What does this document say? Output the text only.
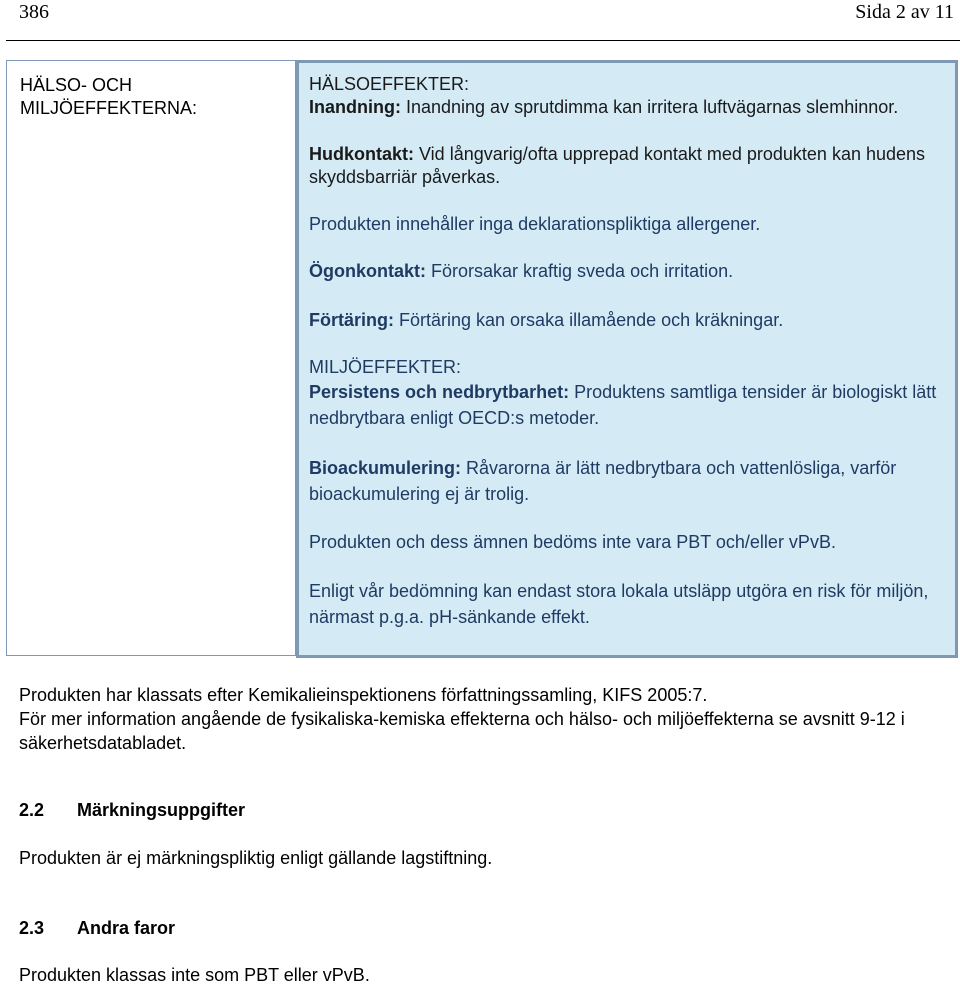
386	Sida 2 av 11
HÄLSO- OCH MILJÖEFFEKTERNA:

HÄLSOEFFEKTER:

Inandning: Inandning av sprutdimma kan irritera luftvägarnas slemhinnor.

Hudkontakt: Vid långvarig/ofta upprepad kontakt med produkten kan hudens skyddsbarriär påverkas.

Produkten innehåller inga deklarationspliktiga allergener.

Ögonkontakt: Förorsakar kraftig sveda och irritation.

Förtäring: Förtäring kan orsaka illamående och kräkningar.

MILJÖEFFEKTER:

Persistens och nedbrytbarhet: Produktens samtliga tensider är biologiskt lätt nedbrytbara enligt OECD:s metoder.

Bioackumulering: Råvarorna är lätt nedbrytbara och vattenlösliga, varför bioackumulering ej är trolig.

Produkten och dess ämnen bedöms inte vara PBT och/eller vPvB.

Enligt vår bedömning kan endast stora lokala utsläpp utgöra en risk för miljön, närmast p.g.a. pH-sänkande effekt.

Produkten har klassats efter Kemikalieinspektionens författningssamling, KIFS 2005:7.

För mer information angående de fysikaliska-kemiska effekterna och hälso- och miljöeffekterna se avsnitt 9-12 i säkerhetsdatabladet.

2.2 Märkningsuppgifter

Produkten är ej märkningspliktig enligt gällande lagstiftning.

2.3 Andra faror

Produkten klassas inte som PBT eller vPvB.
